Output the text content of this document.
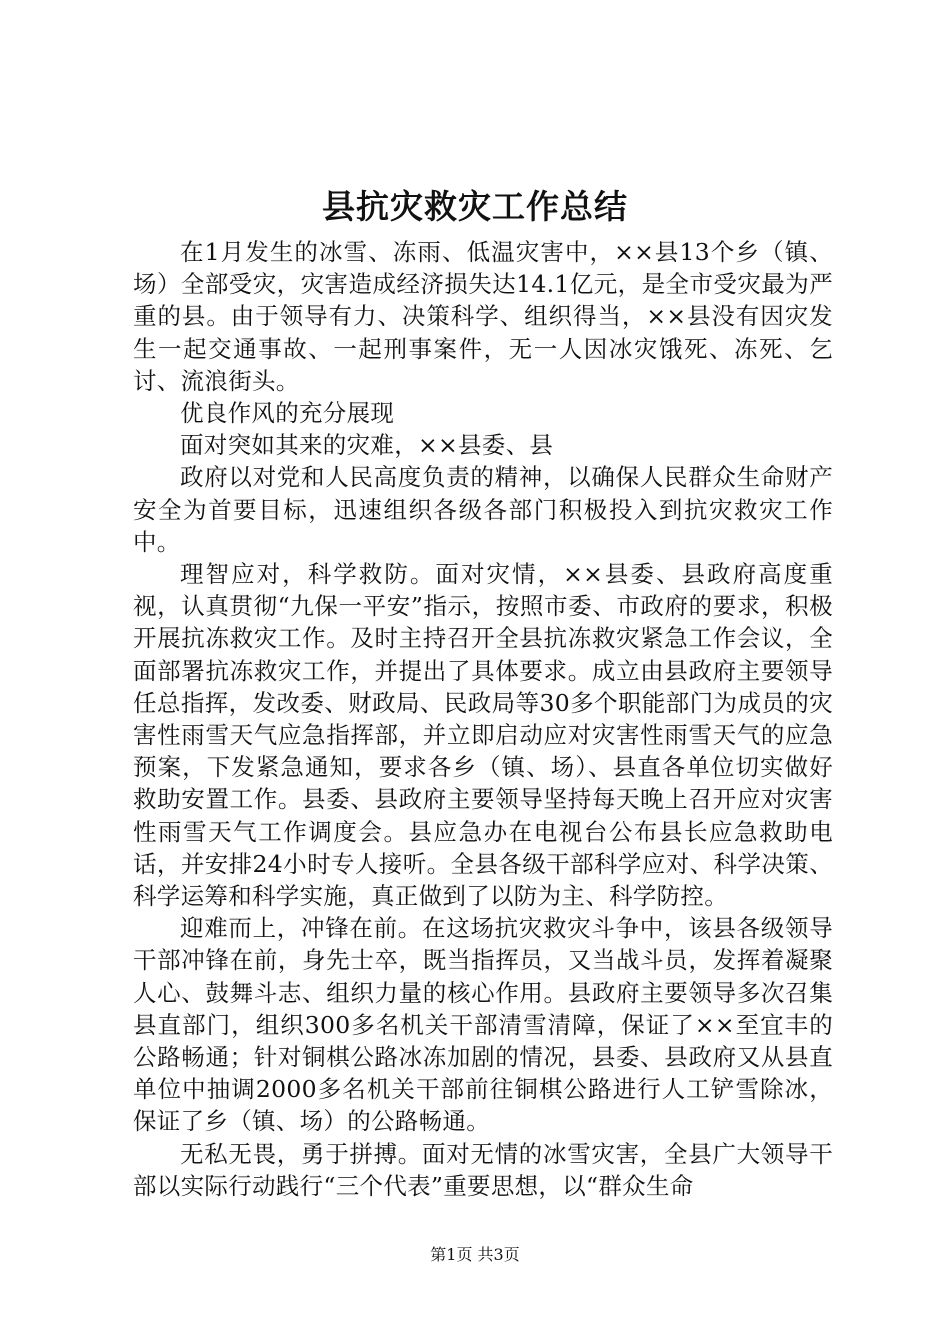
县抗灾救灾工作总结

在1月发生的冰雪、冻雨、低温灾害中，××县13个乡（镇、场）全部受灾，灾害造成经济损失达14.1亿元，是全市受灾最为严重的县。由于领导有力、决策科学、组织得当，××县没有因灾发生一起交通事故、一起刑事案件，无一人因冰灾饿死、冻死、乞讨、流浪街头。

优良作风的充分展现

面对突如其来的灾难，××县委、县

政府以对党和人民高度负责的精神，以确保人民群众生命财产安全为首要目标，迅速组织各级各部门积极投入到抗灾救灾工作中。

理智应对，科学救防。面对灾情，××县委、县政府高度重视，认真贯彻“九保一平安”指示，按照市委、市政府的要求，积极开展抗冻救灾工作。及时主持召开全县抗冻救灾紧急工作会议，全面部署抗冻救灾工作，并提出了具体要求。成立由县政府主要领导任总指挥，发改委、财政局、民政局等30多个职能部门为成员的灾害性雨雪天气应急指挥部，并立即启动应对灾害性雨雪天气的应急预案，下发紧急通知，要求各乡（镇、场）、县直各单位切实做好救助安置工作。县委、县政府主要领导坚持每天晚上召开应对灾害性雨雪天气工作调度会。县应急办在电视台公布县长应急救助电话，并安排24小时专人接听。全县各级干部科学应对、科学决策、科学运筹和科学实施，真正做到了以防为主、科学防控。

迎难而上，冲锋在前。在这场抗灾救灾斗争中，该县各级领导干部冲锋在前，身先士卒，既当指挥员，又当战斗员，发挥着凝聚人心、鼓舞斗志、组织力量的核心作用。县政府主要领导多次召集县直部门，组织300多名机关干部清雪清障，保证了××至宜丰的公路畅通；针对铜棋公路冰冻加剧的情况，县委、县政府又从县直单位中抽调2000多名机关干部前往铜棋公路进行人工铲雪除冰，保证了乡（镇、场）的公路畅通。

无私无畏，勇于拼搏。面对无情的冰雪灾害，全县广大领导干部以实际行动践行“三个代表”重要思想，以“群众生命

第1页 共3页
